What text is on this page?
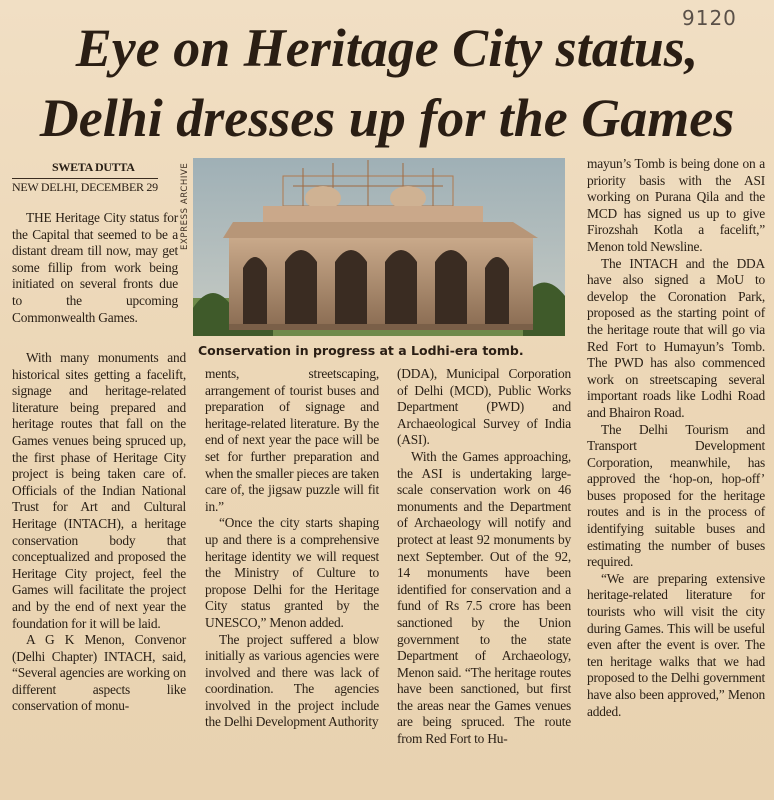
9120
Eye on Heritage City status,
Delhi dresses up for the Games
SWETA DUTTA
NEW DELHI, DECEMBER 29

THE Heritage City status for the Capital that seemed to be a distant dream till now, may get some fillip from work being initiated on several fronts due to the upcoming Commonwealth Games.

EXPRESS ARCHIVE
Conservation in progress at a Lodhi-era tomb.

With many monuments and historical sites getting a facelift, signage and heritage-related literature being prepared and heritage routes that fall on the Games venues being spruced up, the first phase of Heritage City project is being taken care of. Officials of the Indian National Trust for Art and Cultural Heritage (INTACH), a heritage conservation body that conceptualized and proposed the Heritage City project, feel the Games will facilitate the project and by the end of next year the foundation for it will be laid.

A G K Menon, Convenor (Delhi Chapter) INTACH, said, “Several agencies are working on different aspects like conservation of monu-

ments, streetscaping, arrangement of tourist buses and preparation of signage and heritage-related literature. By the end of next year the pace will be set for further preparation and when the smaller pieces are taken care of, the jigsaw puzzle will fit in.”

“Once the city starts shaping up and there is a comprehensive heritage identity we will request the Ministry of Culture to propose Delhi for the Heritage City status granted by the UNESCO,” Menon added.

The project suffered a blow initially as various agencies were involved and there was lack of coordination. The agencies involved in the project include the Delhi Development Authority

(DDA), Municipal Corporation of Delhi (MCD), Public Works Department (PWD) and Archaeological Survey of India (ASI).

With the Games approaching, the ASI is undertaking large-scale conservation work on 46 monuments and the Department of Archaeology will notify and protect at least 92 monuments by next September. Out of the 92, 14 monuments have been identified for conservation and a fund of Rs 7.5 crore has been sanctioned by the Union government to the state Department of Archaeology, Menon said. “The heritage routes have been sanctioned, but first the areas near the Games venues are being spruced. The route from Red Fort to Hu-

mayun’s Tomb is being done on a priority basis with the ASI working on Purana Qila and the MCD has signed us up to give Firozshah Kotla a facelift,” Menon told Newsline.

The INTACH and the DDA have also signed a MoU to develop the Coronation Park, proposed as the starting point of the heritage route that will go via Red Fort to Humayun’s Tomb. The PWD has also commenced work on streetscaping several important roads like Lodhi Road and Bhairon Road.

The Delhi Tourism and Transport Development Corporation, meanwhile, has approved the ‘hop-on, hop-off’ buses proposed for the heritage routes and is in the process of identifying suitable buses and estimating the number of buses required.

“We are preparing extensive heritage-related literature for tourists who will visit the city during Games. This will be useful even after the event is over. The ten heritage walks that we had proposed to the Delhi government have also been approved,” Menon added.
